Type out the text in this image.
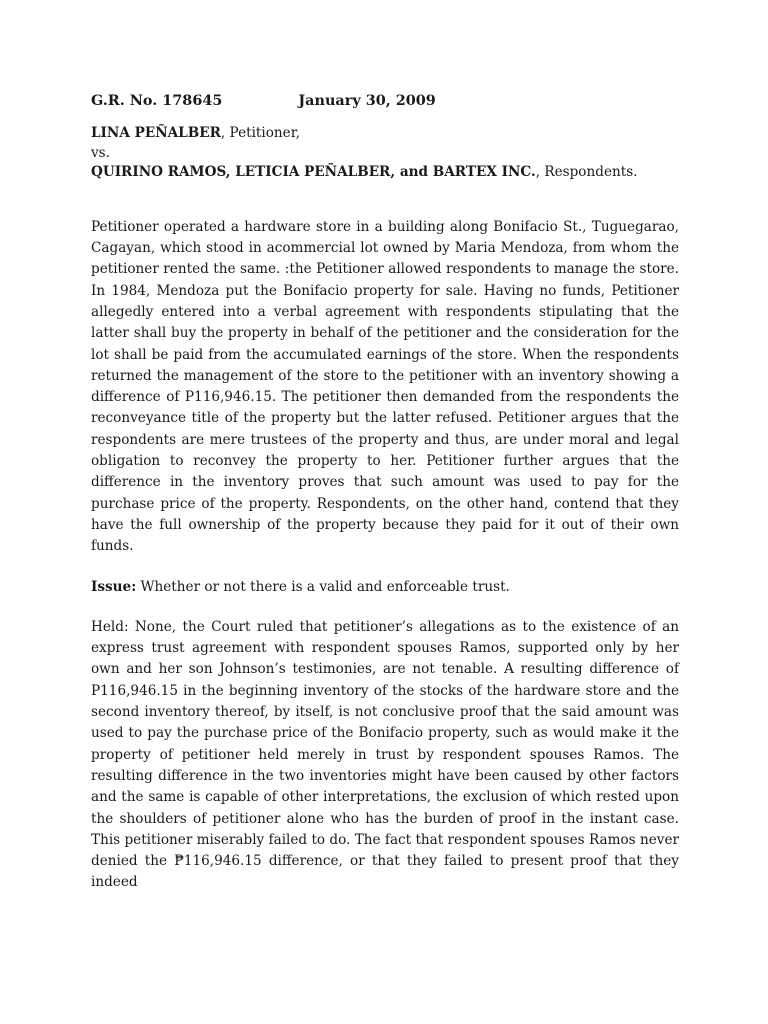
G.R. No. 178645	January 30, 2009
LINA PEÑALBER, Petitioner,
vs.
QUIRINO RAMOS, LETICIA PEÑALBER, and BARTEX INC., Respondents.

Petitioner operated a hardware store in a building along Bonifacio St., Tuguegarao, Cagayan, which stood in acommercial lot owned by Maria Mendoza, from whom the petitioner rented the same. :the Petitioner allowed respondents to manage the store. In 1984, Mendoza put the Bonifacio property for sale. Having no funds, Petitioner allegedly entered into a verbal agreement with respondents stipulating that the latter shall buy the property in behalf of the petitioner and the consideration for the lot shall be paid from the accumulated earnings of the store. When the respondents returned the management of the store to the petitioner with an inventory showing a difference of P116,946.15. The petitioner then demanded from the respondents the reconveyance title of the property but the latter refused. Petitioner argues that the respondents are mere trustees of the property and thus, are under moral and legal obligation to reconvey the property to her. Petitioner further argues that the difference in the inventory proves that such amount was used to pay for the purchase price of the property. Respondents, on the other hand, contend that they have the full ownership of the property because they paid for it out of their own funds.

Issue: Whether or not there is a valid and enforceable trust.

Held: None, the Court ruled that petitioner’s allegations as to the existence of an express trust agreement with respondent spouses Ramos, supported only by her own and her son Johnson’s testimonies, are not tenable. A resulting difference of P116,946.15 in the beginning inventory of the stocks of the hardware store and the second inventory thereof, by itself, is not conclusive proof that the said amount was used to pay the purchase price of the Bonifacio property, such as would make it the property of petitioner held merely in trust by respondent spouses Ramos. The resulting difference in the two inventories might have been caused by other factors and the same is capable of other interpretations, the exclusion of which rested upon the shoulders of petitioner alone who has the burden of proof in the instant case. This petitioner miserably failed to do. The fact that respondent spouses Ramos never denied the ₱116,946.15 difference, or that they failed to present proof that they indeed
